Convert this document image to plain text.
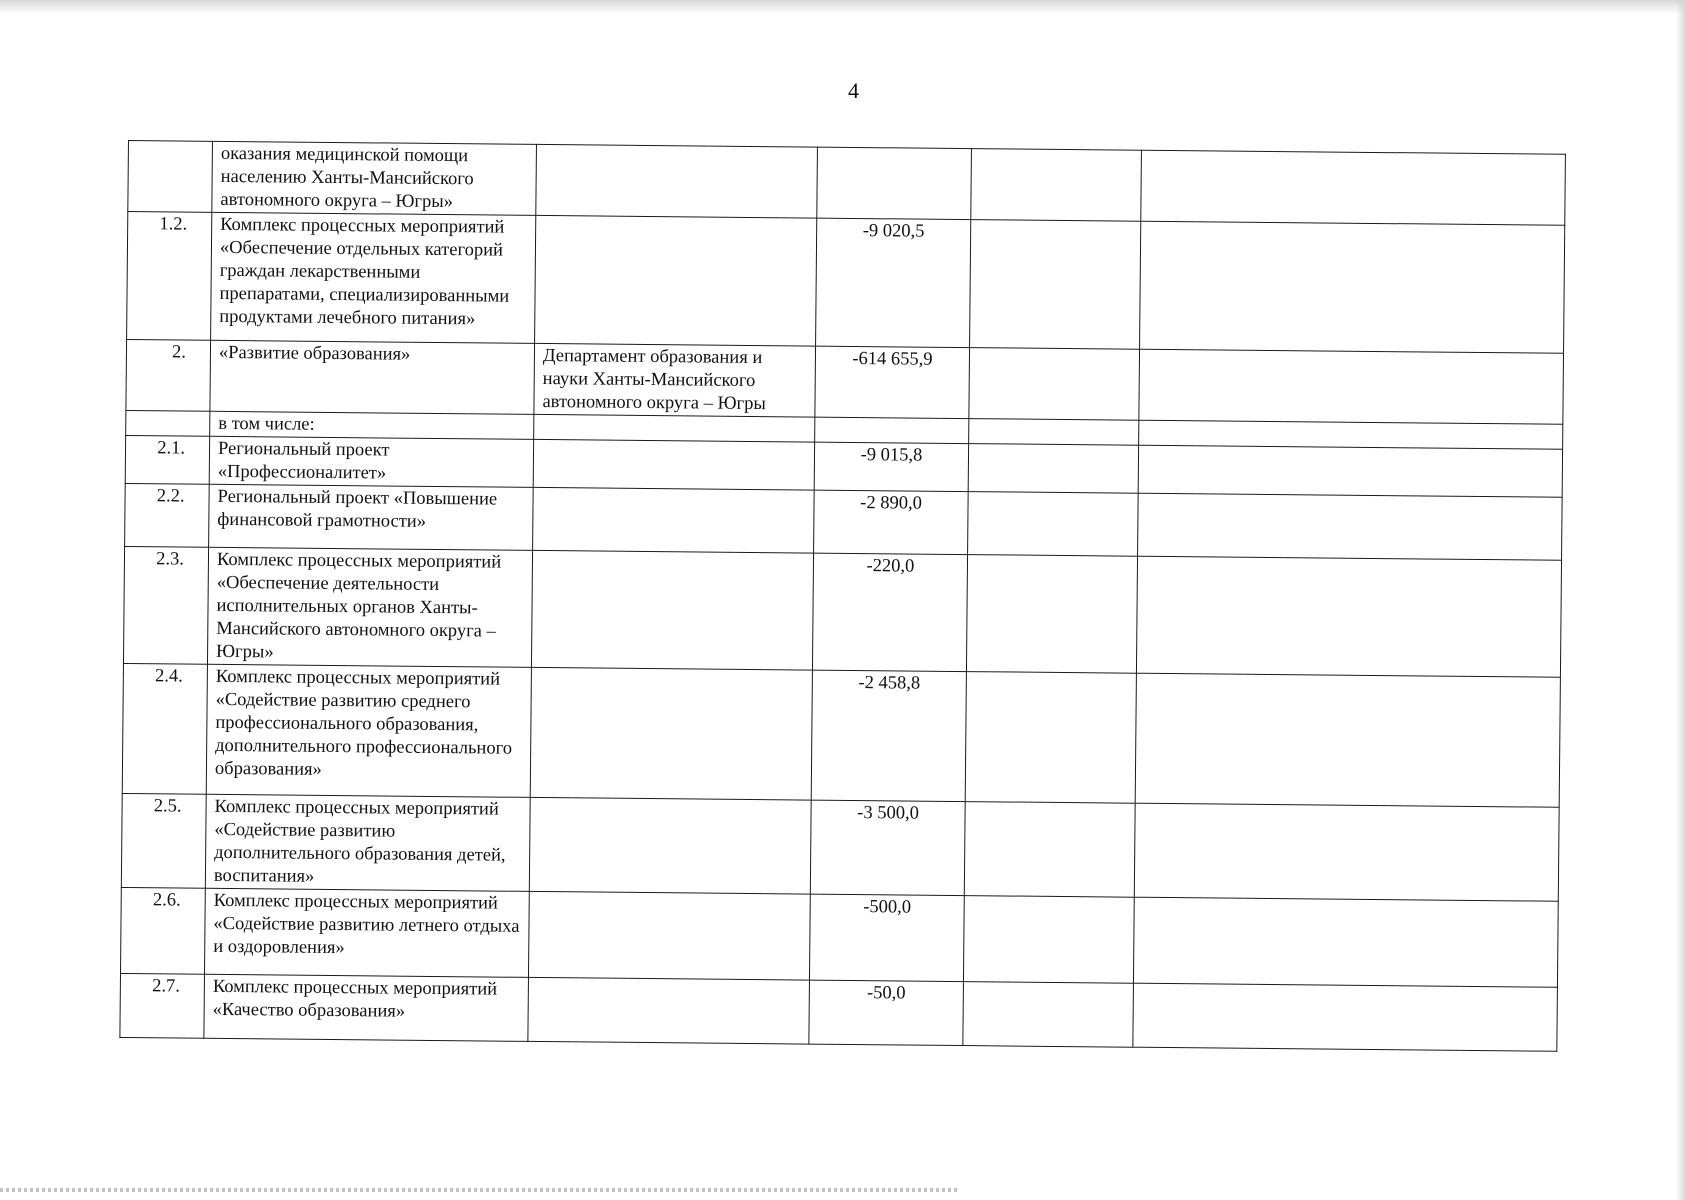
4
	оказания медицинской помощи населению Ханты-Мансийского автономного округа – Югры»				
1.2.	Комплекс процессных мероприятий «Обеспечение отдельных категорий граждан лекарственными препаратами, специализированными продуктами лечебного питания»		-9 020,5		
2.	«Развитие образования»	Департамент образования и науки Ханты-Мансийского автономного округа – Югры	-614 655,9		
	в том числе:				
2.1.	Региональный проект «Профессионалитет»		-9 015,8		
2.2.	Региональный проект «Повышение финансовой грамотности»		-2 890,0		
2.3.	Комплекс процессных мероприятий «Обеспечение деятельности исполнительных органов Ханты-Мансийского автономного округа – Югры»		-220,0		
2.4.	Комплекс процессных мероприятий «Содействие развитию среднего профессионального образования, дополнительного профессионального образования»		-2 458,8		
2.5.	Комплекс процессных мероприятий «Содействие развитию дополнительного образования детей, воспитания»		-3 500,0		
2.6.	Комплекс процессных мероприятий «Содействие развитию летнего отдыха и оздоровления»		-500,0		
2.7.	Комплекс процессных мероприятий «Качество образования»		-50,0		
